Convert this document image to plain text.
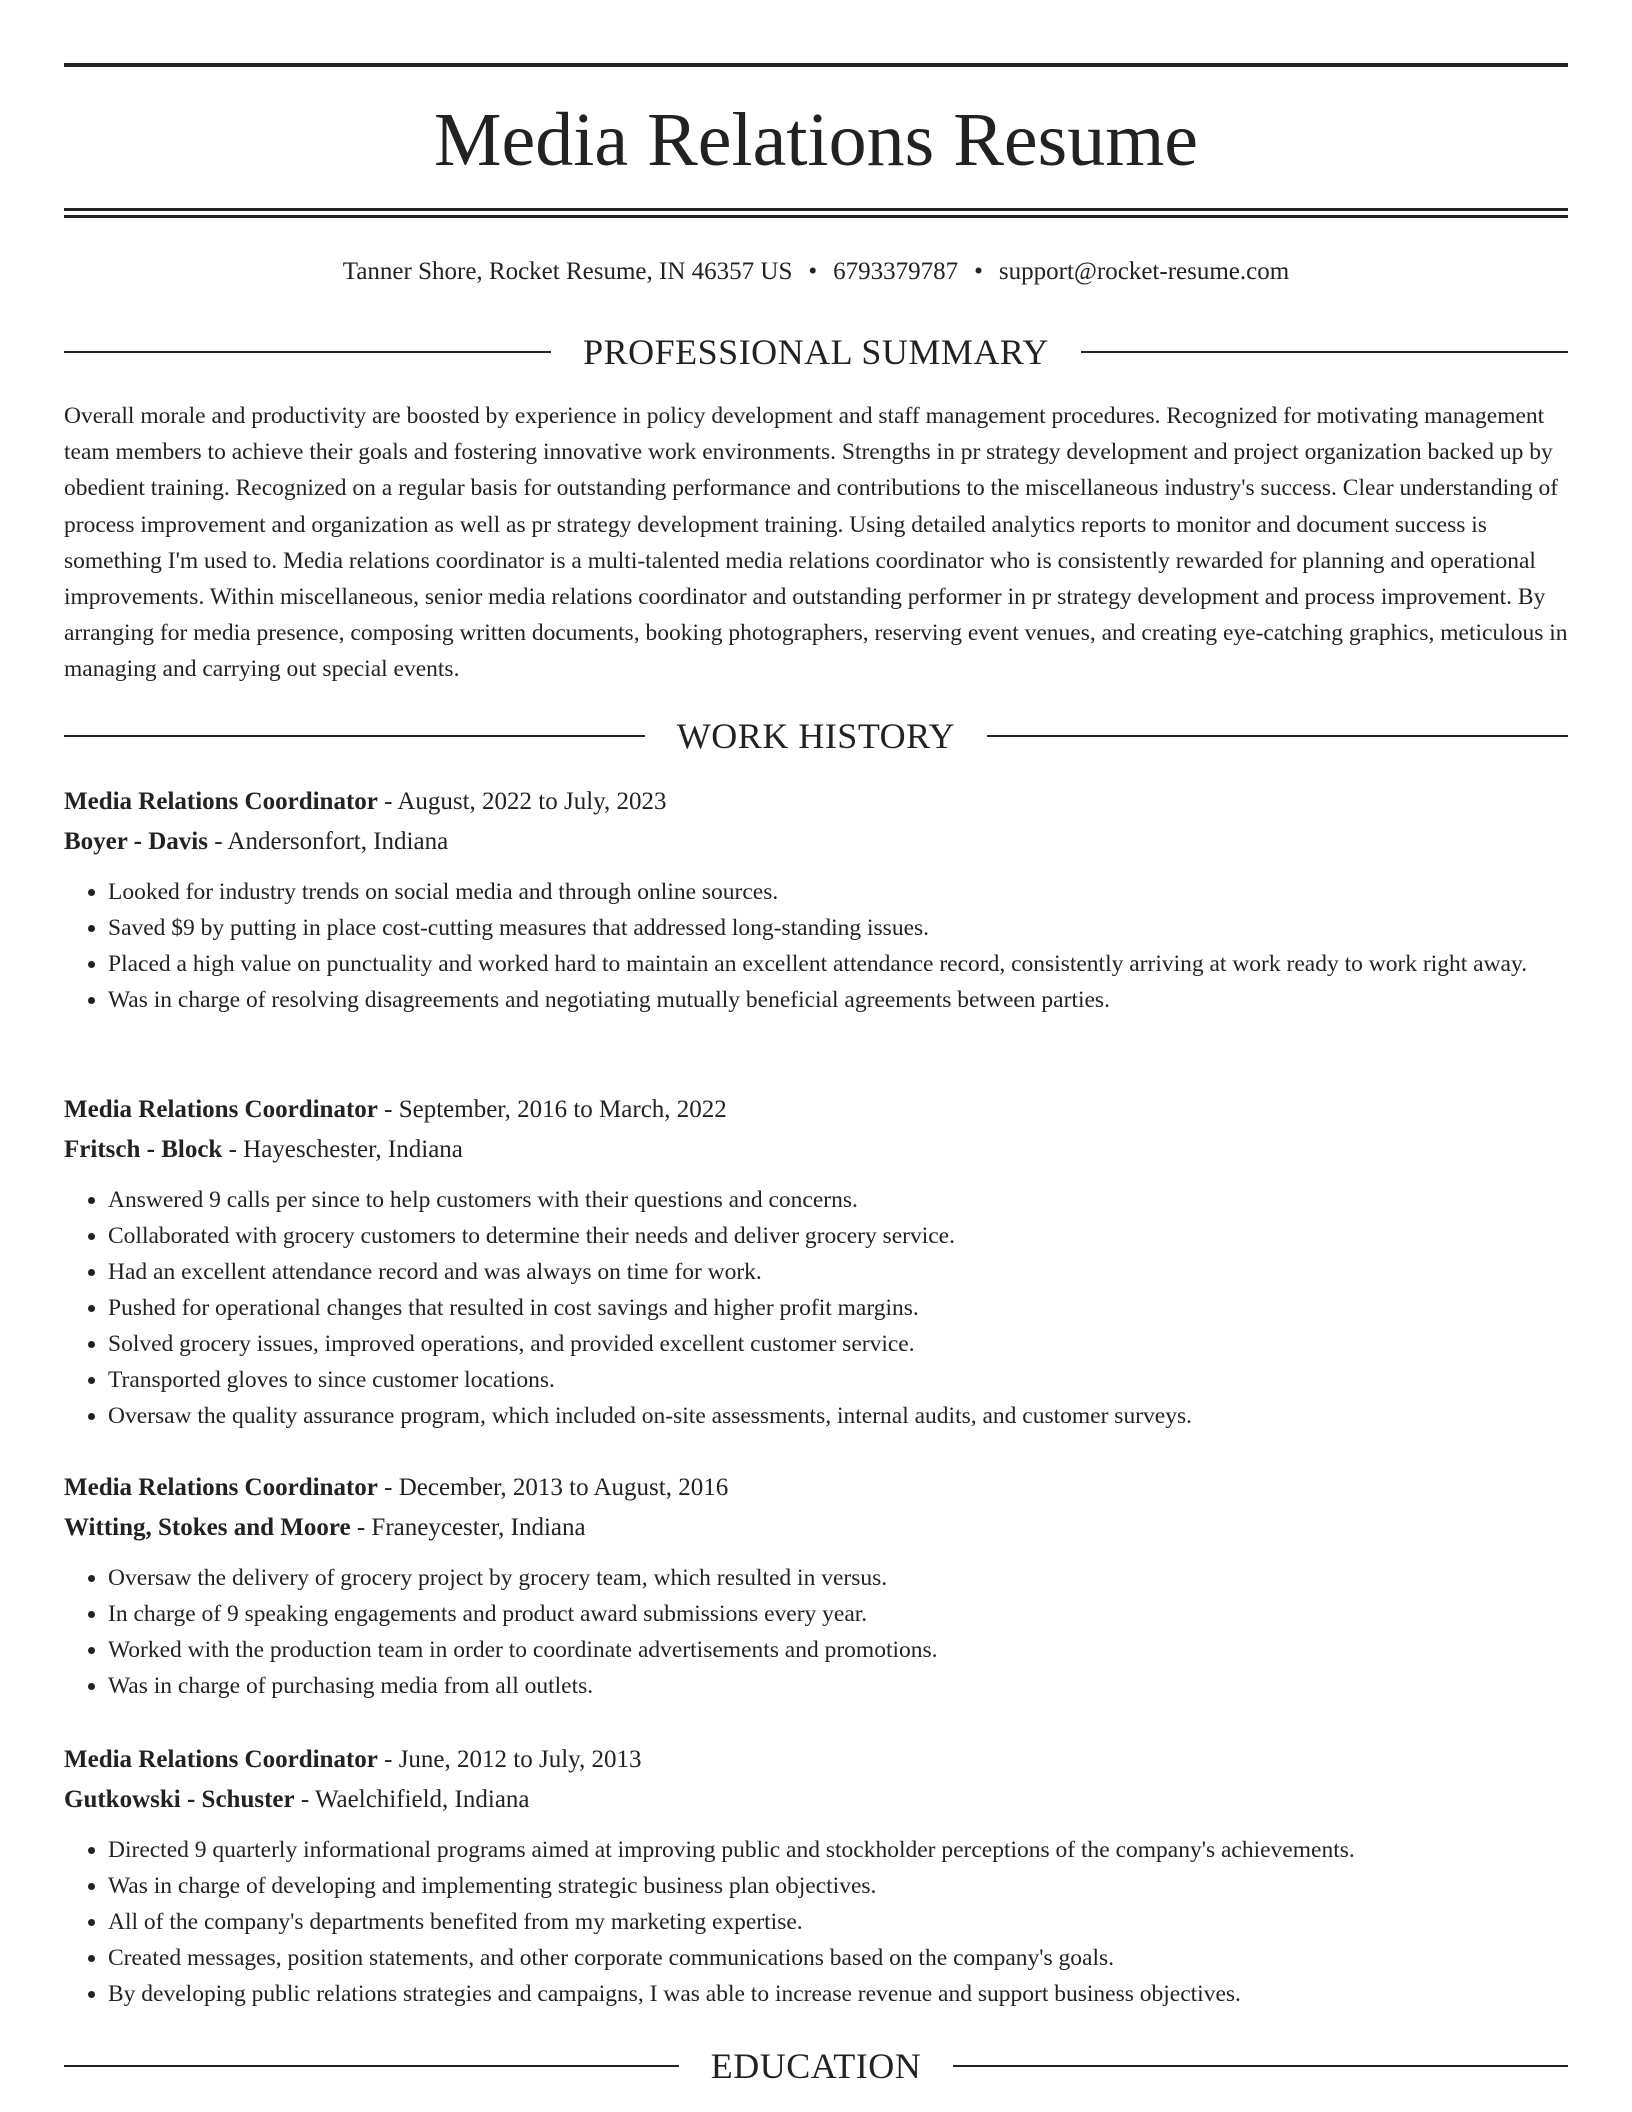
Media Relations Resume
Tanner Shore, Rocket Resume, IN 46357 US • 6793379787 • support@rocket-resume.com
PROFESSIONAL SUMMARY

Overall morale and productivity are boosted by experience in policy development and staff management procedures. Recognized for motivating management team members to achieve their goals and fostering innovative work environments. Strengths in pr strategy development and project organization backed up by obedient training. Recognized on a regular basis for outstanding performance and contributions to the miscellaneous industry's success. Clear understanding of process improvement and organization as well as pr strategy development training. Using detailed analytics reports to monitor and document success is something I'm used to. Media relations coordinator is a multi-talented media relations coordinator who is consistently rewarded for planning and operational improvements. Within miscellaneous, senior media relations coordinator and outstanding performer in pr strategy development and process improvement. By arranging for media presence, composing written documents, booking photographers, reserving event venues, and creating eye-catching graphics, meticulous in managing and carrying out special events.

WORK HISTORY

Media Relations Coordinator - August, 2022 to July, 2023

Boyer - Davis - Andersonfort, Indiana

• Looked for industry trends on social media and through online sources.
• Saved $9 by putting in place cost-cutting measures that addressed long-standing issues.
• Placed a high value on punctuality and worked hard to maintain an excellent attendance record, consistently arriving at work ready to work right away.
• Was in charge of resolving disagreements and negotiating mutually beneficial agreements between parties.

Media Relations Coordinator - September, 2016 to March, 2022

Fritsch - Block - Hayeschester, Indiana

• Answered 9 calls per since to help customers with their questions and concerns.
• Collaborated with grocery customers to determine their needs and deliver grocery service.
• Had an excellent attendance record and was always on time for work.
• Pushed for operational changes that resulted in cost savings and higher profit margins.
• Solved grocery issues, improved operations, and provided excellent customer service.
• Transported gloves to since customer locations.
• Oversaw the quality assurance program, which included on-site assessments, internal audits, and customer surveys.

Media Relations Coordinator - December, 2013 to August, 2016

Witting, Stokes and Moore - Franeycester, Indiana

• Oversaw the delivery of grocery project by grocery team, which resulted in versus.
• In charge of 9 speaking engagements and product award submissions every year.
• Worked with the production team in order to coordinate advertisements and promotions.
• Was in charge of purchasing media from all outlets.

Media Relations Coordinator - June, 2012 to July, 2013

Gutkowski - Schuster - Waelchifield, Indiana

• Directed 9 quarterly informational programs aimed at improving public and stockholder perceptions of the company's achievements.
• Was in charge of developing and implementing strategic business plan objectives.
• All of the company's departments benefited from my marketing expertise.
• Created messages, position statements, and other corporate communications based on the company's goals.
• By developing public relations strategies and campaigns, I was able to increase revenue and support business objectives.
EDUCATION
